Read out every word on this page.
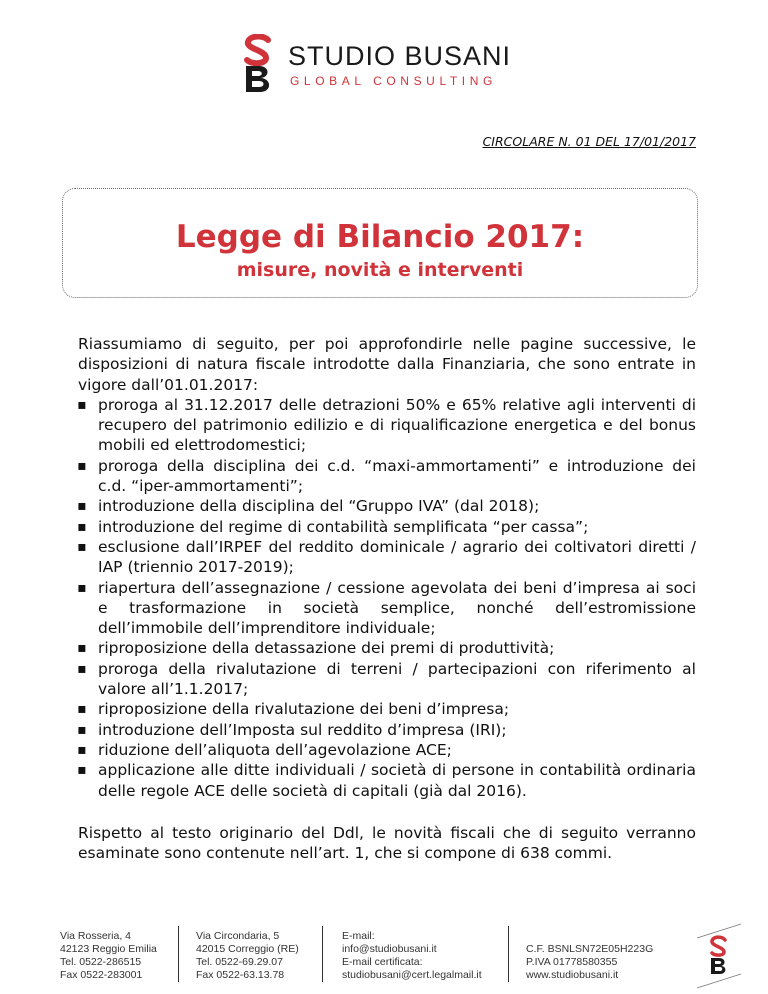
STUDIO BUSANI
GLOBAL CONSULTING
CIRCOLARE N. 01 DEL 17/01/2017
Legge di Bilancio 2017:
misure, novità e interventi

Riassumiamo di seguito, per poi approfondirle nelle pagine successive, le disposizioni di natura fiscale introdotte dalla Finanziaria, che sono entrate in vigore dall’01.01.2017:

▪ proroga al 31.12.2017 delle detrazioni 50% e 65% relative agli interventi di recupero del patrimonio edilizio e di riqualificazione energetica e del bonus mobili ed elettrodomestici;
▪ proroga della disciplina dei c.d. “maxi-ammortamenti” e introduzione dei c.d. “iper-ammortamenti”;
▪ introduzione della disciplina del “Gruppo IVA” (dal 2018);
▪ introduzione del regime di contabilità semplificata “per cassa”;
▪ esclusione dall’IRPEF del reddito dominicale / agrario dei coltivatori diretti / IAP (triennio 2017-2019);
▪ riapertura dell’assegnazione / cessione agevolata dei beni d’impresa ai soci e trasformazione in società semplice, nonché dell’estromissione dell’immobile dell’imprenditore individuale;
▪ riproposizione della detassazione dei premi di produttività;
▪ proroga della rivalutazione di terreni / partecipazioni con riferimento al valore all’1.1.2017;
▪ riproposizione della rivalutazione dei beni d’impresa;
▪ introduzione dell’Imposta sul reddito d’impresa (IRI);
▪ riduzione dell’aliquota dell’agevolazione ACE;
▪ applicazione alle ditte individuali / società di persone in contabilità ordinaria delle regole ACE delle società di capitali (già dal 2016).

Rispetto al testo originario del Ddl, le novità fiscali che di seguito verranno esaminate sono contenute nell’art. 1, che si compone di 638 commi.

Via Rosseria, 4
42123 Reggio Emilia
Tel. 0522-286515
Fax 0522-283001
Via Circondaria, 5
42015 Correggio (RE)
Tel. 0522-69.29.07
Fax 0522-63.13.78
E-mail:
info@studiobusani.it
E-mail certificata:
studiobusani@cert.legalmail.it
C.F. BSNLSN72E05H223G
P.IVA 01778580355
www.studiobusani.it
